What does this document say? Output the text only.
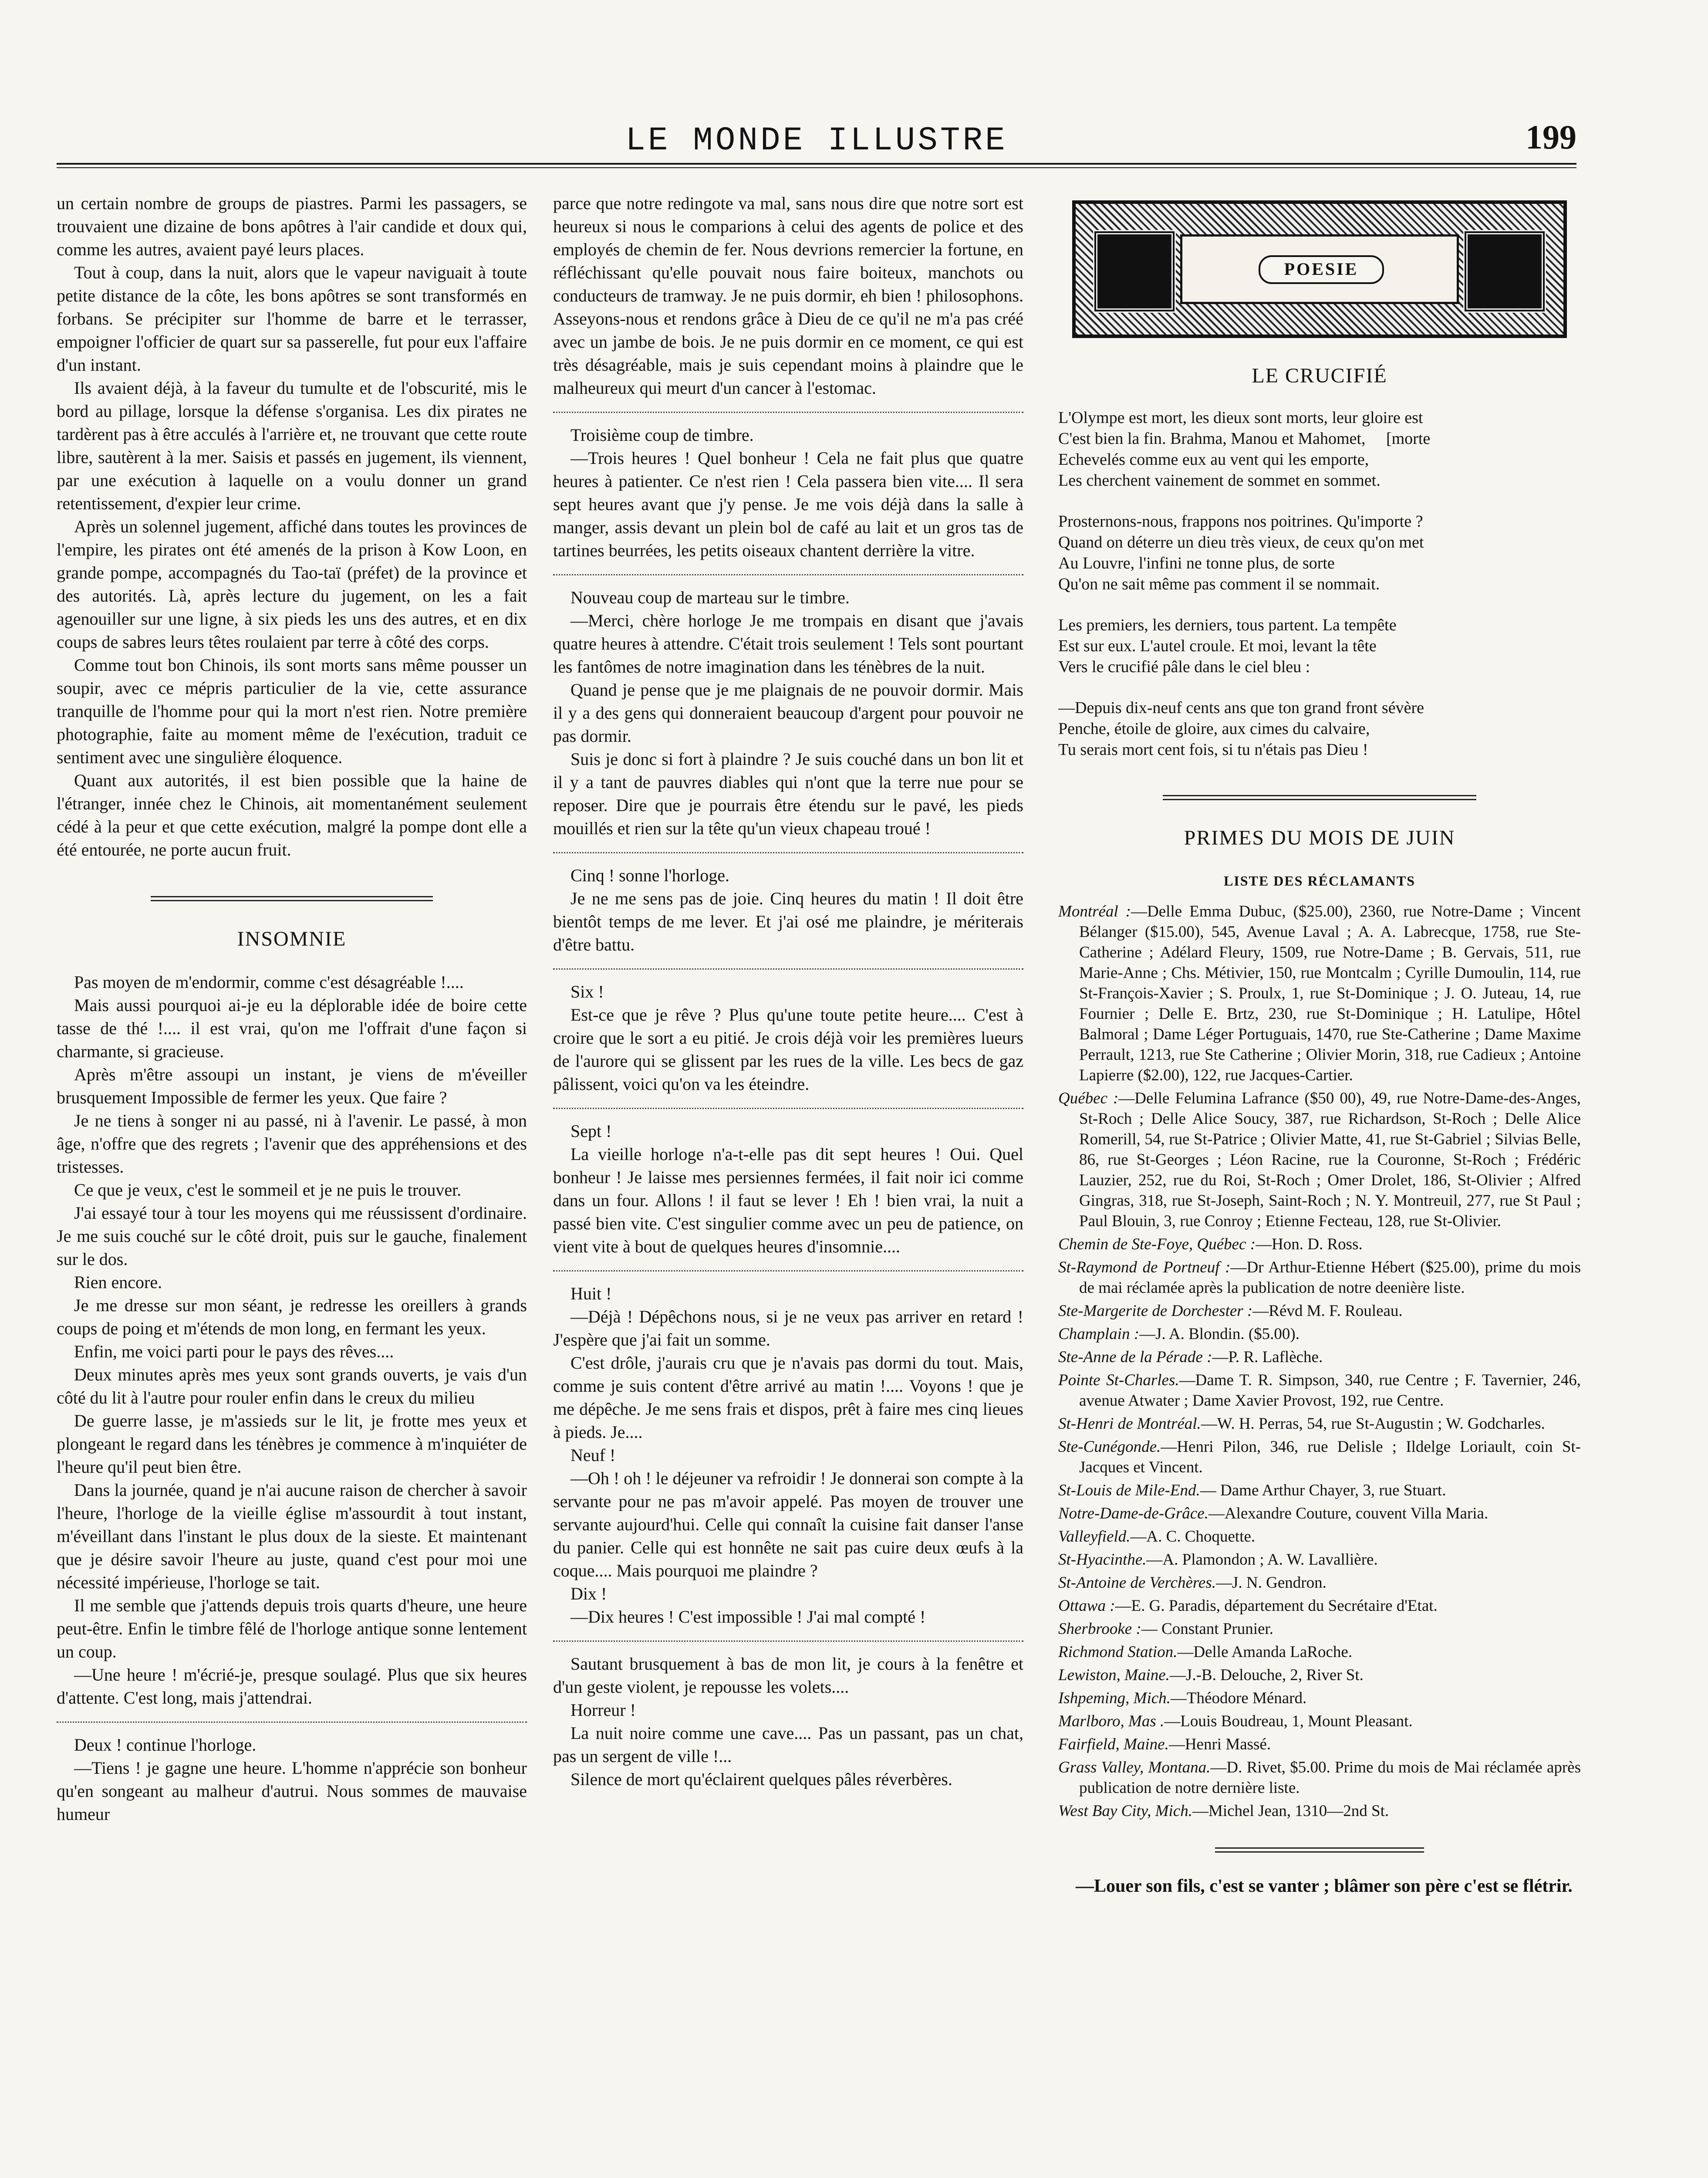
LE MONDE ILLUSTRE	199

un certain nombre de groups de piastres. Parmi les passagers, se trouvaient une dizaine de bons apôtres à l'air candide et doux qui, comme les autres, avaient payé leurs places.

Tout à coup, dans la nuit, alors que le vapeur naviguait à toute petite distance de la côte, les bons apôtres se sont transformés en forbans. Se précipiter sur l'homme de barre et le terrasser, empoigner l'officier de quart sur sa passerelle, fut pour eux l'affaire d'un instant.

Ils avaient déjà, à la faveur du tumulte et de l'obscurité, mis le bord au pillage, lorsque la défense s'organisa. Les dix pirates ne tardèrent pas à être acculés à l'arrière et, ne trouvant que cette route libre, sautèrent à la mer. Saisis et passés en jugement, ils viennent, par une exécution à laquelle on a voulu donner un grand retentissement, d'expier leur crime.

Après un solennel jugement, affiché dans toutes les provinces de l'empire, les pirates ont été amenés de la prison à Kow Loon, en grande pompe, accompagnés du Tao-taï (préfet) de la province et des autorités. Là, après lecture du jugement, on les a fait agenouiller sur une ligne, à six pieds les uns des autres, et en dix coups de sabres leurs têtes roulaient par terre à côté des corps.

Comme tout bon Chinois, ils sont morts sans même pousser un soupir, avec ce mépris particulier de la vie, cette assurance tranquille de l'homme pour qui la mort n'est rien. Notre première photographie, faite au moment même de l'exécution, traduit ce sentiment avec une singulière éloquence.

Quant aux autorités, il est bien possible que la haine de l'étranger, innée chez le Chinois, ait momentanément seulement cédé à la peur et que cette exécution, malgré la pompe dont elle a été entourée, ne porte aucun fruit.

INSOMNIE

Pas moyen de m'endormir, comme c'est désagréable !....

Mais aussi pourquoi ai-je eu la déplorable idée de boire cette tasse de thé !.... il est vrai, qu'on me l'offrait d'une façon si charmante, si gracieuse.

Après m'être assoupi un instant, je viens de m'éveiller brusquement Impossible de fermer les yeux. Que faire ?

Je ne tiens à songer ni au passé, ni à l'avenir. Le passé, à mon âge, n'offre que des regrets ; l'avenir que des appréhensions et des tristesses.

Ce que je veux, c'est le sommeil et je ne puis le trouver.

J'ai essayé tour à tour les moyens qui me réussissent d'ordinaire. Je me suis couché sur le côté droit, puis sur le gauche, finalement sur le dos.

Rien encore.

Je me dresse sur mon séant, je redresse les oreillers à grands coups de poing et m'étends de mon long, en fermant les yeux.

Enfin, me voici parti pour le pays des rêves....

Deux minutes après mes yeux sont grands ouverts, je vais d'un côté du lit à l'autre pour rouler enfin dans le creux du milieu

De guerre lasse, je m'assieds sur le lit, je frotte mes yeux et plongeant le regard dans les ténèbres je commence à m'inquiéter de l'heure qu'il peut bien être.

Dans la journée, quand je n'ai aucune raison de chercher à savoir l'heure, l'horloge de la vieille église m'assourdit à tout instant, m'éveillant dans l'instant le plus doux de la sieste. Et maintenant que je désire savoir l'heure au juste, quand c'est pour moi une nécessité impérieuse, l'horloge se tait.

Il me semble que j'attends depuis trois quarts d'heure, une heure peut-être. Enfin le timbre fêlé de l'horloge antique sonne lentement un coup.

—Une heure ! m'écrié-je, presque soulagé. Plus que six heures d'attente. C'est long, mais j'attendrai.

Deux ! continue l'horloge.

—Tiens ! je gagne une heure. L'homme n'apprécie son bonheur qu'en songeant au malheur d'autrui. Nous sommes de mauvaise humeur

parce que notre redingote va mal, sans nous dire que notre sort est heureux si nous le comparions à celui des agents de police et des employés de chemin de fer. Nous devrions remercier la fortune, en réfléchissant qu'elle pouvait nous faire boiteux, manchots ou conducteurs de tramway. Je ne puis dormir, eh bien ! philosophons. Asseyons-nous et rendons grâce à Dieu de ce qu'il ne m'a pas créé avec un jambe de bois. Je ne puis dormir en ce moment, ce qui est très désagréable, mais je suis cependant moins à plaindre que le malheureux qui meurt d'un cancer à l'estomac.

Troisième coup de timbre.

—Trois heures ! Quel bonheur ! Cela ne fait plus que quatre heures à patienter. Ce n'est rien ! Cela passera bien vite.... Il sera sept heures avant que j'y pense. Je me vois déjà dans la salle à manger, assis devant un plein bol de café au lait et un gros tas de tartines beurrées, les petits oiseaux chantent derrière la vitre.

Nouveau coup de marteau sur le timbre.

—Merci, chère horloge Je me trompais en disant que j'avais quatre heures à attendre. C'était trois seulement ! Tels sont pourtant les fantômes de notre imagination dans les ténèbres de la nuit.

Quand je pense que je me plaignais de ne pouvoir dormir. Mais il y a des gens qui donneraient beaucoup d'argent pour pouvoir ne pas dormir.

Suis je donc si fort à plaindre ? Je suis couché dans un bon lit et il y a tant de pauvres diables qui n'ont que la terre nue pour se reposer. Dire que je pourrais être étendu sur le pavé, les pieds mouillés et rien sur la tête qu'un vieux chapeau troué !

Cinq ! sonne l'horloge.

Je ne me sens pas de joie. Cinq heures du matin ! Il doit être bientôt temps de me lever. Et j'ai osé me plaindre, je mériterais d'être battu.

Six !

Est-ce que je rêve ? Plus qu'une toute petite heure.... C'est à croire que le sort a eu pitié. Je crois déjà voir les premières lueurs de l'aurore qui se glissent par les rues de la ville. Les becs de gaz pâlissent, voici qu'on va les éteindre.

Sept !

La vieille horloge n'a-t-elle pas dit sept heures ! Oui. Quel bonheur ! Je laisse mes persiennes fermées, il fait noir ici comme dans un four. Allons ! il faut se lever ! Eh ! bien vrai, la nuit a passé bien vite. C'est singulier comme avec un peu de patience, on vient vite à bout de quelques heures d'insomnie....

Huit !

—Déjà ! Dépêchons nous, si je ne veux pas arriver en retard ! J'espère que j'ai fait un somme.

C'est drôle, j'aurais cru que je n'avais pas dormi du tout. Mais, comme je suis content d'être arrivé au matin !.... Voyons ! que je me dépêche. Je me sens frais et dispos, prêt à faire mes cinq lieues à pieds. Je....

Neuf !

—Oh ! oh ! le déjeuner va refroidir ! Je donnerai son compte à la servante pour ne pas m'avoir appelé. Pas moyen de trouver une servante aujourd'hui. Celle qui connaît la cuisine fait danser l'anse du panier. Celle qui est honnête ne sait pas cuire deux œufs à la coque.... Mais pourquoi me plaindre ?

Dix !

—Dix heures ! C'est impossible ! J'ai mal compté !

Sautant brusquement à bas de mon lit, je cours à la fenêtre et d'un geste violent, je repousse les volets....

Horreur !

La nuit noire comme une cave.... Pas un passant, pas un chat, pas un sergent de ville !...

Silence de mort qu'éclairent quelques pâles réverbères.

POESIE
LE CRUCIFIÉ
L'Olympe est mort, les dieux sont morts, leur gloire est
C'est bien la fin. Brahma, Manou et Mahomet,     [morte
Echevelés comme eux au vent qui les emporte,
Les cherchent vainement de sommet en sommet.
Prosternons-nous, frappons nos poitrines. Qu'importe ?
Quand on déterre un dieu très vieux, de ceux qu'on met
Au Louvre, l'infini ne tonne plus, de sorte
Qu'on ne sait même pas comment il se nommait.
Les premiers, les derniers, tous partent. La tempête
Est sur eux. L'autel croule. Et moi, levant la tête
Vers le crucifié pâle dans le ciel bleu :
—Depuis dix-neuf cents ans que ton grand front sévère
Penche, étoile de gloire, aux cimes du calvaire,
Tu serais mort cent fois, si tu n'étais pas Dieu !
PRIMES DU MOIS DE JUIN
LISTE DES RÉCLAMANTS
Montréal :—Delle Emma Dubuc, ($25.00), 2360, rue Notre-Dame ; Vincent Bélanger ($15.00), 545, Avenue Laval ; A. A. Labrecque, 1758, rue Ste-Catherine ; Adélard Fleury, 1509, rue Notre-Dame ; B. Gervais, 511, rue Marie-Anne ; Chs. Métivier, 150, rue Montcalm ; Cyrille Dumoulin, 114, rue St-François-Xavier ; S. Proulx, 1, rue St-Dominique ; J. O. Juteau, 14, rue Fournier ; Delle E. Brtz, 230, rue St-Dominique ; H. Latulipe, Hôtel Balmoral ; Dame Léger Portuguais, 1470, rue Ste-Catherine ; Dame Maxime Perrault, 1213, rue Ste Catherine ; Olivier Morin, 318, rue Cadieux ; Antoine Lapierre ($2.00), 122, rue Jacques-Cartier.
Québec :—Delle Felumina Lafrance ($50 00), 49, rue Notre-Dame-des-Anges, St-Roch ; Delle Alice Soucy, 387, rue Richardson, St-Roch ; Delle Alice Romerill, 54, rue St-Patrice ; Olivier Matte, 41, rue St-Gabriel ; Silvias Belle, 86, rue St-Georges ; Léon Racine, rue la Couronne, St-Roch ; Frédéric Lauzier, 252, rue du Roi, St-Roch ; Omer Drolet, 186, St-Olivier ; Alfred Gingras, 318, rue St-Joseph, Saint-Roch ; N. Y. Montreuil, 277, rue St Paul ; Paul Blouin, 3, rue Conroy ; Etienne Fecteau, 128, rue St-Olivier.
Chemin de Ste-Foye, Québec :—Hon. D. Ross.
St-Raymond de Portneuf :—Dr Arthur-Etienne Hébert ($25.00), prime du mois de mai réclamée après la publication de notre deenière liste.
Ste-Margerite de Dorchester :—Révd M. F. Rouleau.
Champlain :—J. A. Blondin. ($5.00).
Ste-Anne de la Pérade :—P. R. Laflèche.
Pointe St-Charles.—Dame T. R. Simpson, 340, rue Centre ; F. Tavernier, 246, avenue Atwater ; Dame Xavier Provost, 192, rue Centre.
St-Henri de Montréal.—W. H. Perras, 54, rue St-Augustin ; W. Godcharles.
Ste-Cunégonde.—Henri Pilon, 346, rue Delisle ; Ildelge Loriault, coin St-Jacques et Vincent.
St-Louis de Mile-End.— Dame Arthur Chayer, 3, rue Stuart.
Notre-Dame-de-Grâce.—Alexandre Couture, couvent Villa Maria.
Valleyfield.—A. C. Choquette.
St-Hyacinthe.—A. Plamondon ; A. W. Lavallière.
St-Antoine de Verchères.—J. N. Gendron.
Ottawa :—E. G. Paradis, département du Secrétaire d'Etat.
Sherbrooke :— Constant Prunier.
Richmond Station.—Delle Amanda LaRoche.
Lewiston, Maine.—J.-B. Delouche, 2, River St.
Ishpeming, Mich.—Théodore Ménard.
Marlboro, Mas .—Louis Boudreau, 1, Mount Pleasant.
Fairfield, Maine.—Henri Massé.
Grass Valley, Montana.—D. Rivet, $5.00. Prime du mois de Mai réclamée après publication de notre dernière liste.
West Bay City, Mich.—Michel Jean, 1310—2nd St.

—Louer son fils, c'est se vanter ; blâmer son père c'est se flétrir.
